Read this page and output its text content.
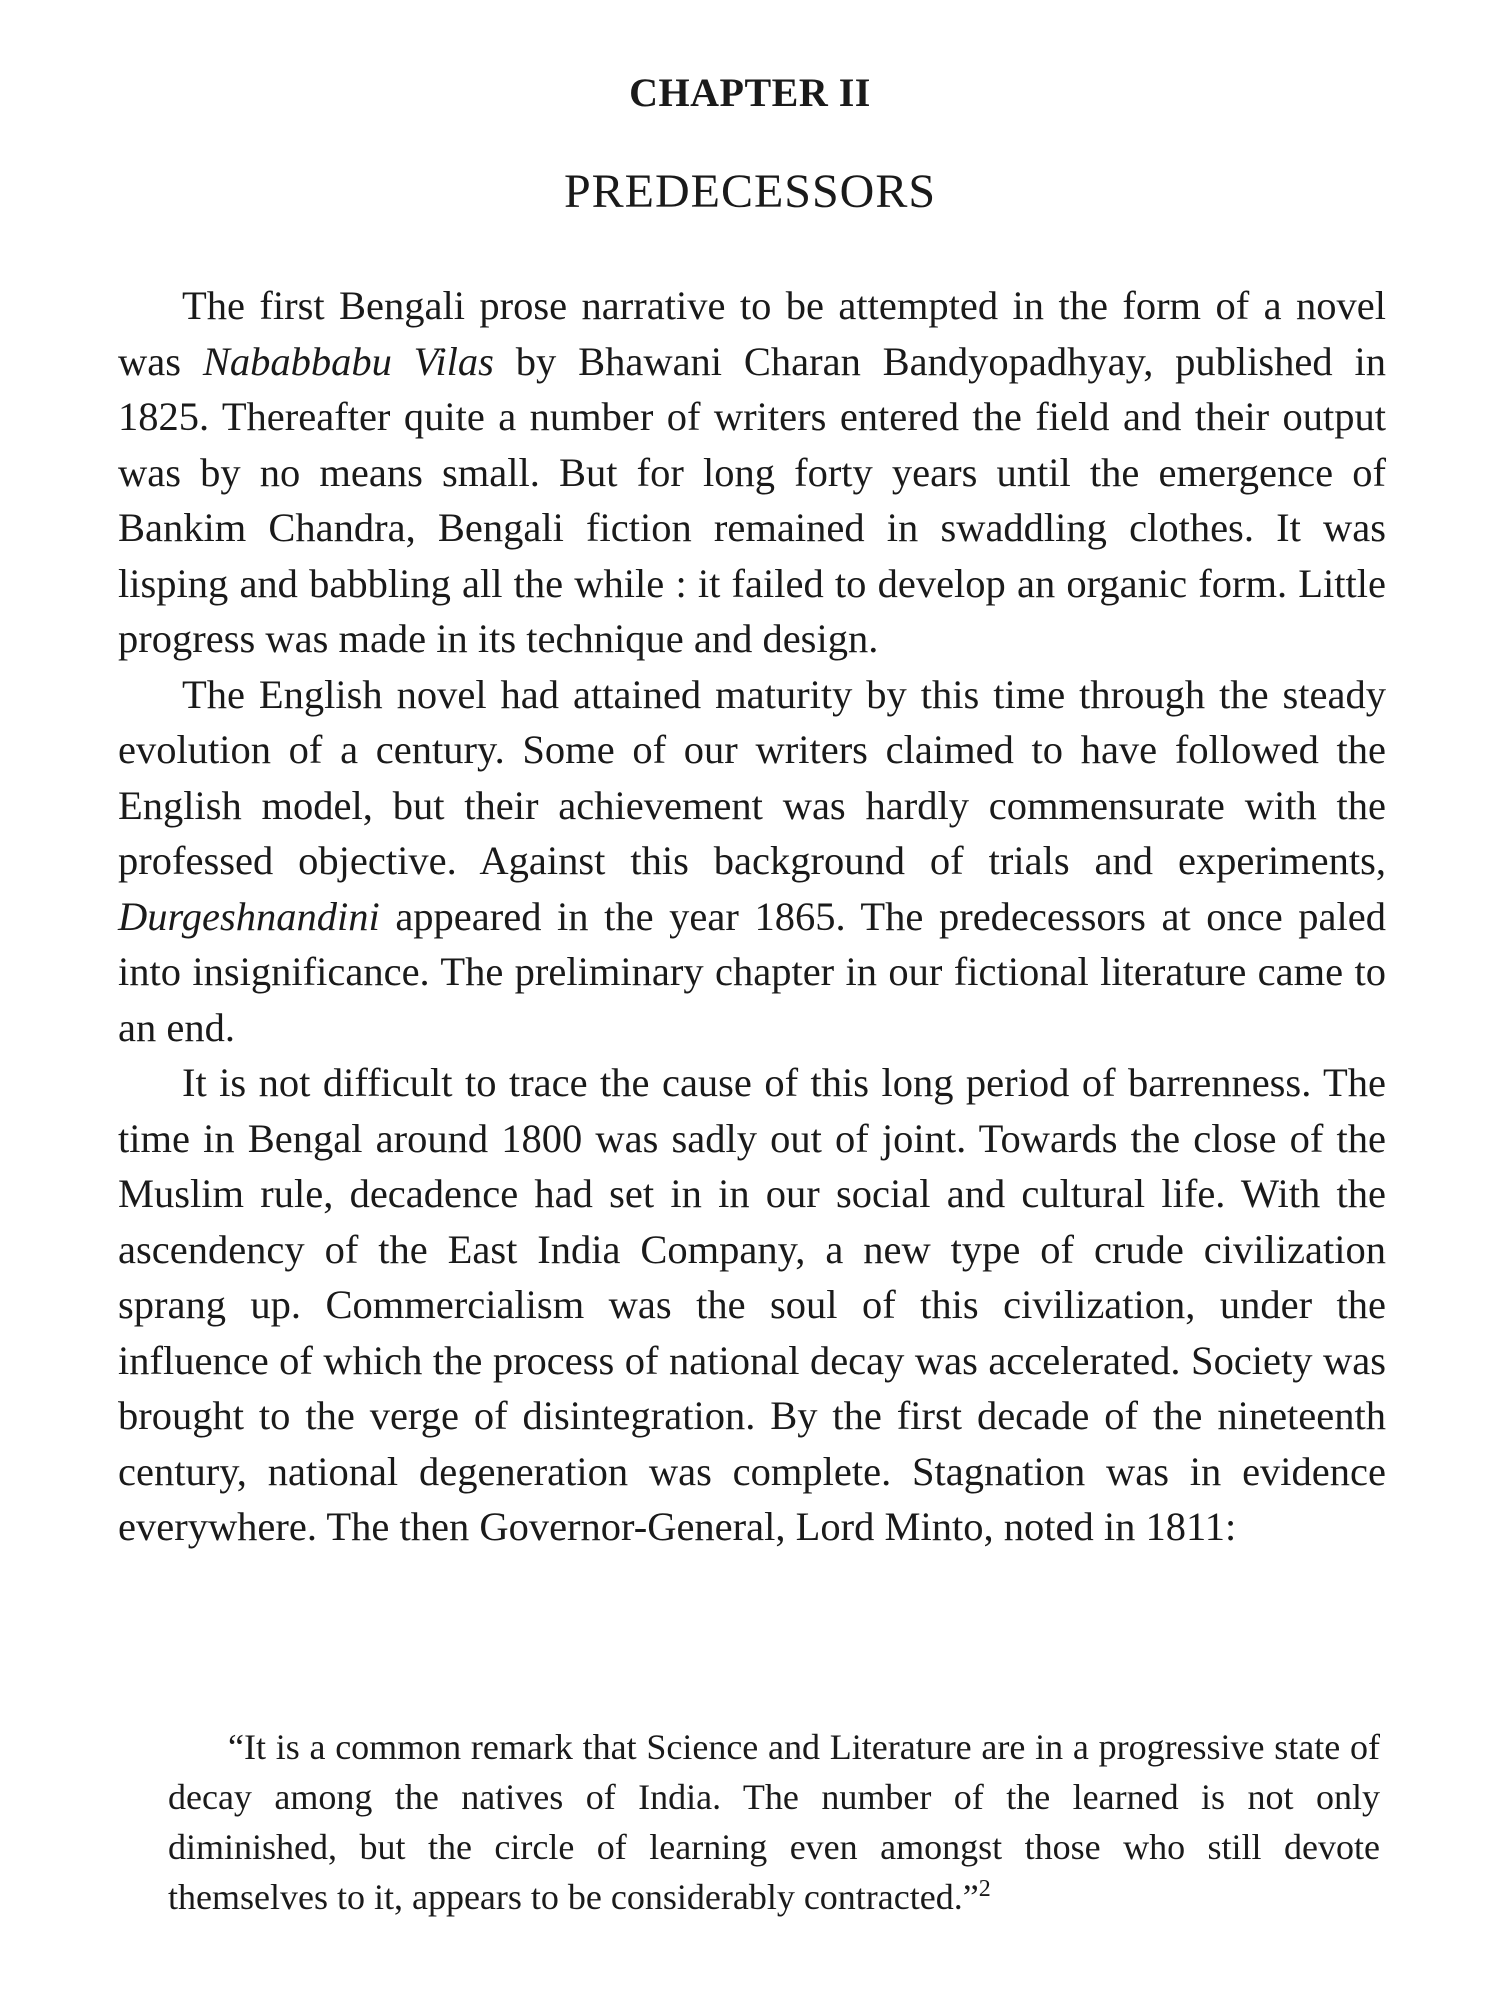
CHAPTER II
PREDECESSORS

The first Bengali prose narrative to be attempted in the form of a novel was Nababbabu Vilas by Bhawani Charan Bandyopadhyay, published in 1825. Thereafter quite a number of writers entered the field and their output was by no means small. But for long forty years until the emergence of Bankim Chandra, Bengali fiction remained in swaddling clothes. It was lisping and babbling all the while : it failed to develop an organic form. Little progress was made in its technique and design.

The English novel had attained maturity by this time through the steady evolution of a century. Some of our writers claimed to have followed the English model, but their achievement was hardly commensurate with the professed objective. Against this background of trials and experiments, Durgeshnandini appeared in the year 1865. The predecessors at once paled into insignificance. The preliminary chapter in our fictional literature came to an end.

It is not difficult to trace the cause of this long period of barrenness. The time in Bengal around 1800 was sadly out of joint. Towards the close of the Muslim rule, decadence had set in in our social and cultural life. With the ascendency of the East India Company, a new type of crude civilization sprang up. Commercialism was the soul of this civilization, under the influence of which the process of national decay was accelerated. Society was brought to the verge of disintegration. By the first decade of the nineteenth century, national degeneration was complete. Stagnation was in evidence everywhere. The then Governor-General, Lord Minto, noted in 1811:

“It is a common remark that Science and Literature are in a progressive state of decay among the natives of India. The number of the learned is not only diminished, but the circle of learning even amongst those who still devote themselves to it, appears to be considerably contracted.”$^2$
